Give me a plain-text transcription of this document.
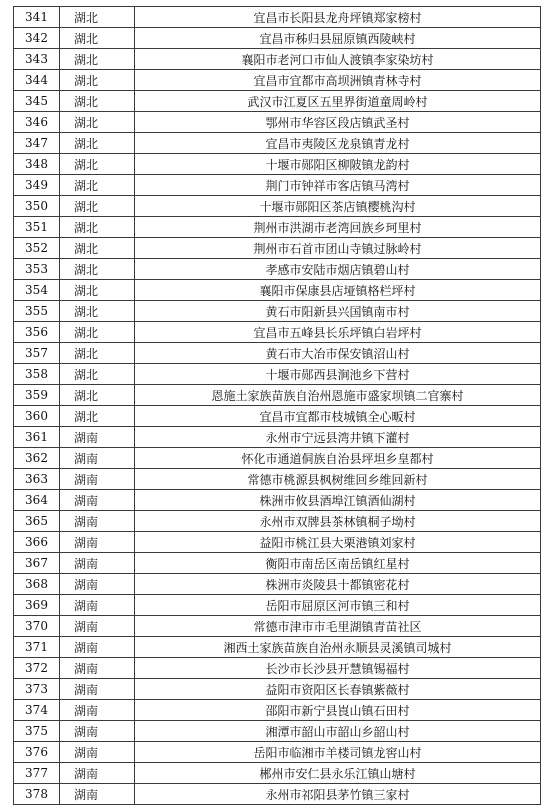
341	湖北	宜昌市长阳县龙舟坪镇郑家榜村
342	湖北	宜昌市秭归县屈原镇西陵峡村
343	湖北	襄阳市老河口市仙人渡镇李家染坊村
344	湖北	宜昌市宜都市高坝洲镇青林寺村
345	湖北	武汉市江夏区五里界街道童周岭村
346	湖北	鄂州市华容区段店镇武圣村
347	湖北	宜昌市夷陵区龙泉镇青龙村
348	湖北	十堰市郧阳区柳陂镇龙韵村
349	湖北	荆门市钟祥市客店镇马湾村
350	湖北	十堰市郧阳区茶店镇樱桃沟村
351	湖北	荆州市洪湖市老湾回族乡珂里村
352	湖北	荆州市石首市团山寺镇过脉岭村
353	湖北	孝感市安陆市烟店镇碧山村
354	湖北	襄阳市保康县店垭镇格栏坪村
355	湖北	黄石市阳新县兴国镇南市村
356	湖北	宜昌市五峰县长乐坪镇白岩坪村
357	湖北	黄石市大冶市保安镇沼山村
358	湖北	十堰市郧西县涧池乡下营村
359	湖北	恩施土家族苗族自治州恩施市盛家坝镇二官寨村
360	湖北	宜昌市宜都市枝城镇全心畈村
361	湖南	永州市宁远县湾井镇下灌村
362	湖南	怀化市通道侗族自治县坪坦乡皇都村
363	湖南	常德市桃源县枫树维回乡维回新村
364	湖南	株洲市攸县酒埠江镇酒仙湖村
365	湖南	永州市双牌县茶林镇桐子坳村
366	湖南	益阳市桃江县大栗港镇刘家村
367	湖南	衡阳市南岳区南岳镇红星村
368	湖南	株洲市炎陵县十都镇密花村
369	湖南	岳阳市屈原区河市镇三和村
370	湖南	常德市津市市毛里湖镇青苗社区
371	湖南	湘西土家族苗族自治州永顺县灵溪镇司城村
372	湖南	长沙市长沙县开慧镇锡福村
373	湖南	益阳市资阳区长春镇紫薇村
374	湖南	邵阳市新宁县崀山镇石田村
375	湖南	湘潭市韶山市韶山乡韶山村
376	湖南	岳阳市临湘市羊楼司镇龙窖山村
377	湖南	郴州市安仁县永乐江镇山塘村
378	湖南	永州市祁阳县茅竹镇三家村
